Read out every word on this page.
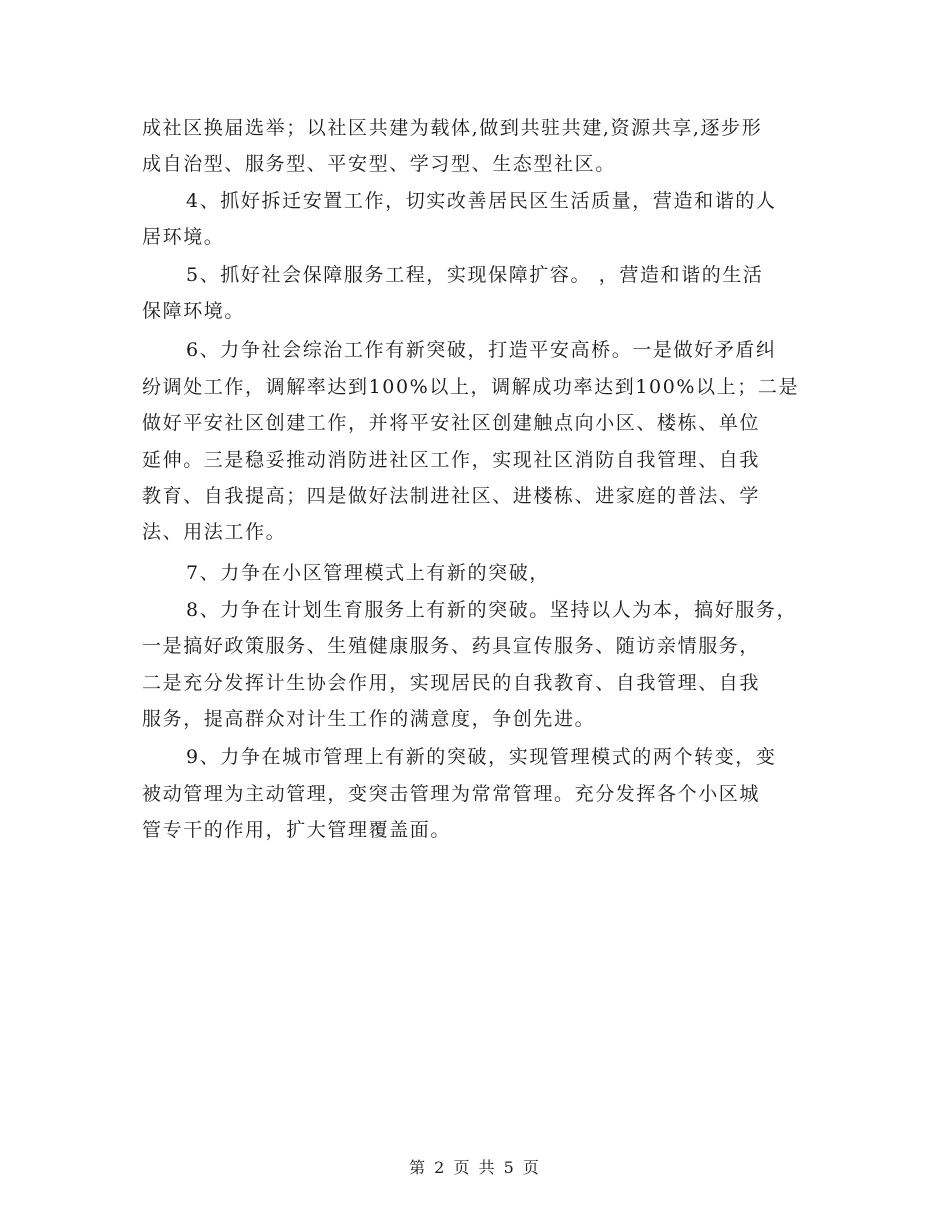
成社区换届选举；以社区共建为载体,做到共驻共建,资源共享,逐步形
成自治型、服务型、平安型、学习型、生态型社区。
4、抓好拆迁安置工作，切实改善居民区生活质量，营造和谐的人
居环境。
5、抓好社会保障服务工程，实现保障扩容。 ，营造和谐的生活
保障环境。
6、力争社会综治工作有新突破，打造平安高桥。一是做好矛盾纠
纷调处工作，调解率达到100%以上，调解成功率达到100%以上；二是
做好平安社区创建工作，并将平安社区创建触点向小区、楼栋、单位
延伸。三是稳妥推动消防进社区工作，实现社区消防自我管理、自我
教育、自我提高；四是做好法制进社区、进楼栋、进家庭的普法、学
法、用法工作。
7、力争在小区管理模式上有新的突破，
8、力争在计划生育服务上有新的突破。坚持以人为本，搞好服务，
一是搞好政策服务、生殖健康服务、药具宣传服务、随访亲情服务，
二是充分发挥计生协会作用，实现居民的自我教育、自我管理、自我
服务，提高群众对计生工作的满意度，争创先进。
9、力争在城市管理上有新的突破，实现管理模式的两个转变，变
被动管理为主动管理，变突击管理为常常管理。充分发挥各个小区城
管专干的作用，扩大管理覆盖面。
第 2 页 共 5 页
